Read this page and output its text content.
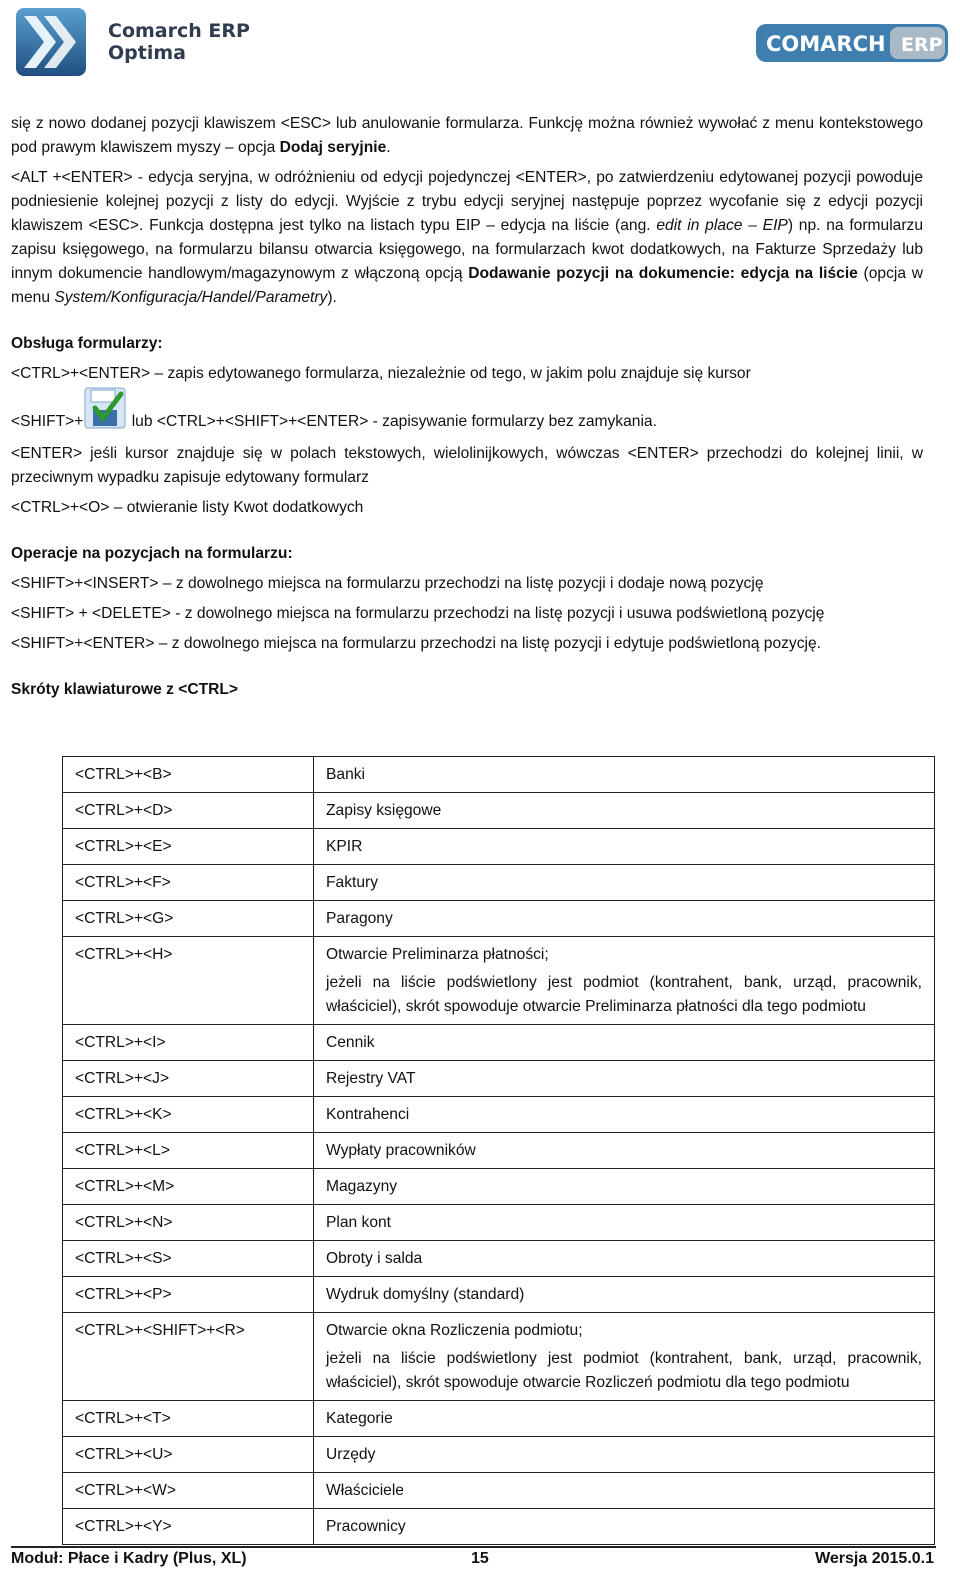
Comarch ERP
Optima	COMARCH ERP

się z nowo dodanej pozycji klawiszem <ESC> lub anulowanie formularza. Funkcję można również wywołać z menu kontekstowego pod prawym klawiszem myszy – opcja Dodaj seryjnie.

<ALT +<ENTER> - edycja seryjna, w odróżnieniu od edycji pojedynczej <ENTER>, po zatwierdzeniu edytowanej pozycji powoduje podniesienie kolejnej pozycji z listy do edycji. Wyjście z trybu edycji seryjnej następuje poprzez wycofanie się z edycji pozycji klawiszem <ESC>. Funkcja dostępna jest tylko na listach typu EIP – edycja na liście (ang. edit in place – EIP) np. na formularzu zapisu księgowego, na formularzu bilansu otwarcia księgowego, na formularzach kwot dodatkowych, na Fakturze Sprzedaży lub innym dokumencie handlowym/magazynowym z włączoną opcją Dodawanie pozycji na dokumencie: edycja na liście (opcja w menu System/Konfiguracja/Handel/Parametry).

Obsługa formularzy:

<CTRL>+<ENTER> – zapis edytowanego formularza, niezależnie od tego, w jakim polu znajduje się kursor

<SHIFT>+	lub <CTRL>+<SHIFT>+<ENTER> - zapisywanie formularzy bez zamykania.

<ENTER> jeśli kursor znajduje się w polach tekstowych, wielolinijkowych, wówczas <ENTER> przechodzi do kolejnej linii, w przeciwnym wypadku zapisuje edytowany formularz

<CTRL>+<O> – otwieranie listy Kwot dodatkowych

Operacje na pozycjach na formularzu:

<SHIFT>+<INSERT> – z dowolnego miejsca na formularzu przechodzi na listę pozycji i dodaje nową pozycję

<SHIFT> + <DELETE> - z dowolnego miejsca na formularzu przechodzi na listę pozycji i usuwa podświetloną pozycję

<SHIFT>+<ENTER> – z dowolnego miejsca na formularzu przechodzi na listę pozycji i edytuje podświetloną pozycję.

Skróty klawiaturowe z <CTRL>

<CTRL>+<B>	Banki
<CTRL>+<D>	Zapisy księgowe
<CTRL>+<E>	KPIR
<CTRL>+<F>	Faktury
<CTRL>+<G>	Paragony
<CTRL>+<H>	Otwarcie Preliminarza płatności;
jeżeli na liście podświetlony jest podmiot (kontrahent, bank, urząd, pracownik, właściciel), skrót spowoduje otwarcie Preliminarza płatności dla tego podmiotu

<CTRL>+<I>	Cennik
<CTRL>+<J>	Rejestry VAT
<CTRL>+<K>	Kontrahenci
<CTRL>+<L>	Wypłaty pracowników
<CTRL>+<M>	Magazyny
<CTRL>+<N>	Plan kont
<CTRL>+<S>	Obroty i salda
<CTRL>+<P>	Wydruk domyślny (standard)
<CTRL>+<SHIFT>+<R>	Otwarcie okna Rozliczenia podmiotu;
jeżeli na liście podświetlony jest podmiot (kontrahent, bank, urząd, pracownik, właściciel), skrót spowoduje otwarcie Rozliczeń podmiotu dla tego podmiotu

<CTRL>+<T>	Kategorie
<CTRL>+<U>	Urzędy
<CTRL>+<W>	Właściciele
<CTRL>+<Y>	Pracownicy
Moduł: Płace i Kadry (Plus, XL)	15	Wersja 2015.0.1
